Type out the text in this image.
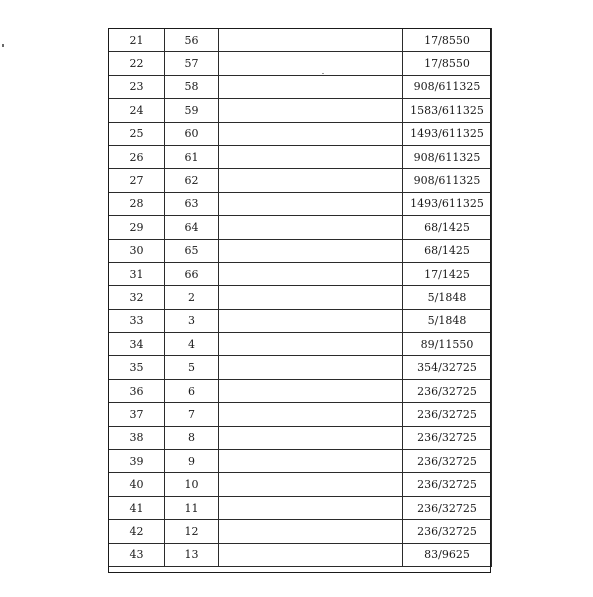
21	56		17/8550
22	57		17/8550
23	58		908/611325
24	59		1583/611325
25	60		1493/611325
26	61		908/611325
27	62		908/611325
28	63		1493/611325
29	64		68/1425
30	65		68/1425
31	66		17/1425
32	2		5/1848
33	3		5/1848
34	4		89/11550
35	5		354/32725
36	6		236/32725
37	7		236/32725
38	8		236/32725
39	9		236/32725
40	10		236/32725
41	11		236/32725
42	12		236/32725
43	13		83/9625
